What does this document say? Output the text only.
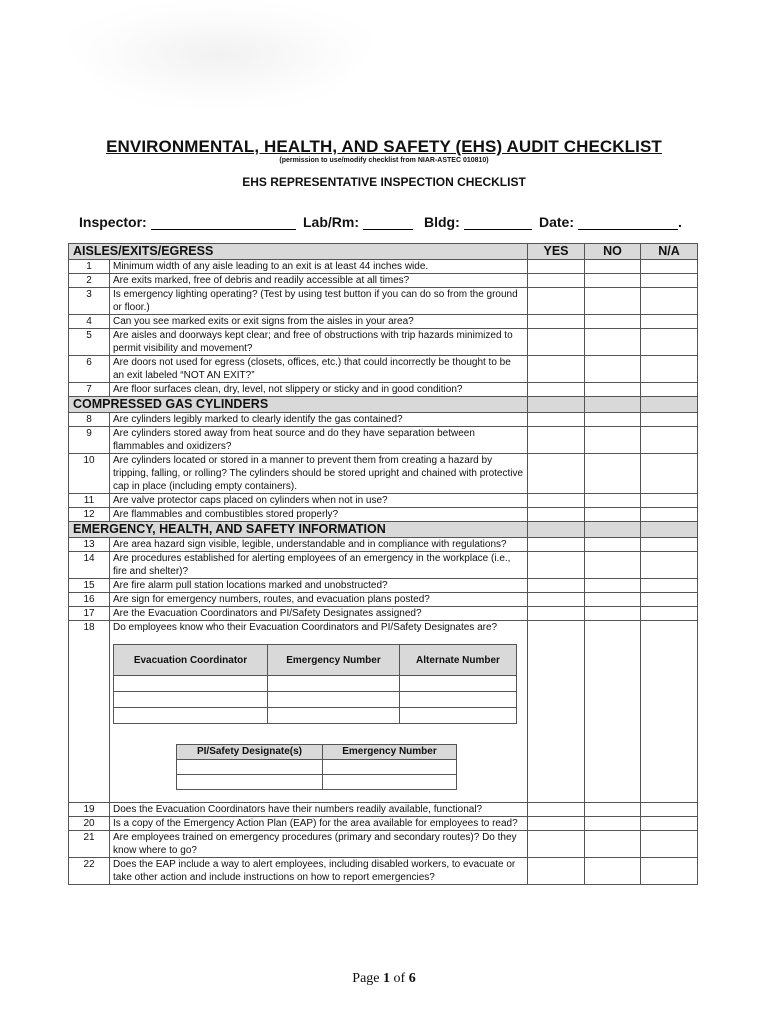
ENVIRONMENTAL, HEALTH, AND SAFETY (EHS) AUDIT CHECKLIST
(permission to use/modify checklist from NIAR-ASTEC 010810)
EHS REPRESENTATIVE INSPECTION CHECKLIST
Inspector:	Lab/Rm:	Bldg:	Date:	.
AISLES/EXITS/EGRESS	YES	NO	N/A
1	Minimum width of any aisle leading to an exit is at least 44 inches wide.			
2	Are exits marked, free of debris and readily accessible at all times?			
3	Is emergency lighting operating? (Test by using test button if you can do so from the ground or floor.)			
4	Can you see marked exits or exit signs from the aisles in your area?			
5	Are aisles and doorways kept clear; and free of obstructions with trip hazards minimized to permit visibility and movement?			
6	Are doors not used for egress (closets, offices, etc.) that could incorrectly be thought to be an exit labeled “NOT AN EXIT?”			
7	Are floor surfaces clean, dry, level, not slippery or sticky and in good condition?			
COMPRESSED GAS CYLINDERS			
8	Are cylinders legibly marked to clearly identify the gas contained?			
9	Are cylinders stored away from heat source and do they have separation between flammables and oxidizers?			
10	Are cylinders located or stored in a manner to prevent them from creating a hazard by tripping, falling, or rolling? The cylinders should be stored upright and chained with protective cap in place (including empty containers).			
11	Are valve protector caps placed on cylinders when not in use?			
12	Are flammables and combustibles stored properly?			
EMERGENCY, HEALTH, AND SAFETY INFORMATION			
13	Are area hazard sign visible, legible, understandable and in compliance with regulations?			
14	Are procedures established for alerting employees of an emergency in the workplace (i.e., fire and shelter)?			
15	Are fire alarm pull station locations marked and unobstructed?			
16	Are sign for emergency numbers, routes, and evacuation plans posted?			
17	Are the Evacuation Coordinators and PI/Safety Designates assigned?			
18	Do employees know who their Evacuation Coordinators and PI/Safety Designates are?
Evacuation Coordinator	Emergency Number	Alternate Number

PI/Safety Designate(s)	Emergency Number

19	Does the Evacuation Coordinators have their numbers readily available, functional?			
20	Is a copy of the Emergency Action Plan (EAP) for the area available for employees to read?			
21	Are employees trained on emergency procedures (primary and secondary routes)? Do they know where to go?			
22	Does the EAP include a way to alert employees, including disabled workers, to evacuate or take other action and include instructions on how to report emergencies?			
Page 1 of 6
